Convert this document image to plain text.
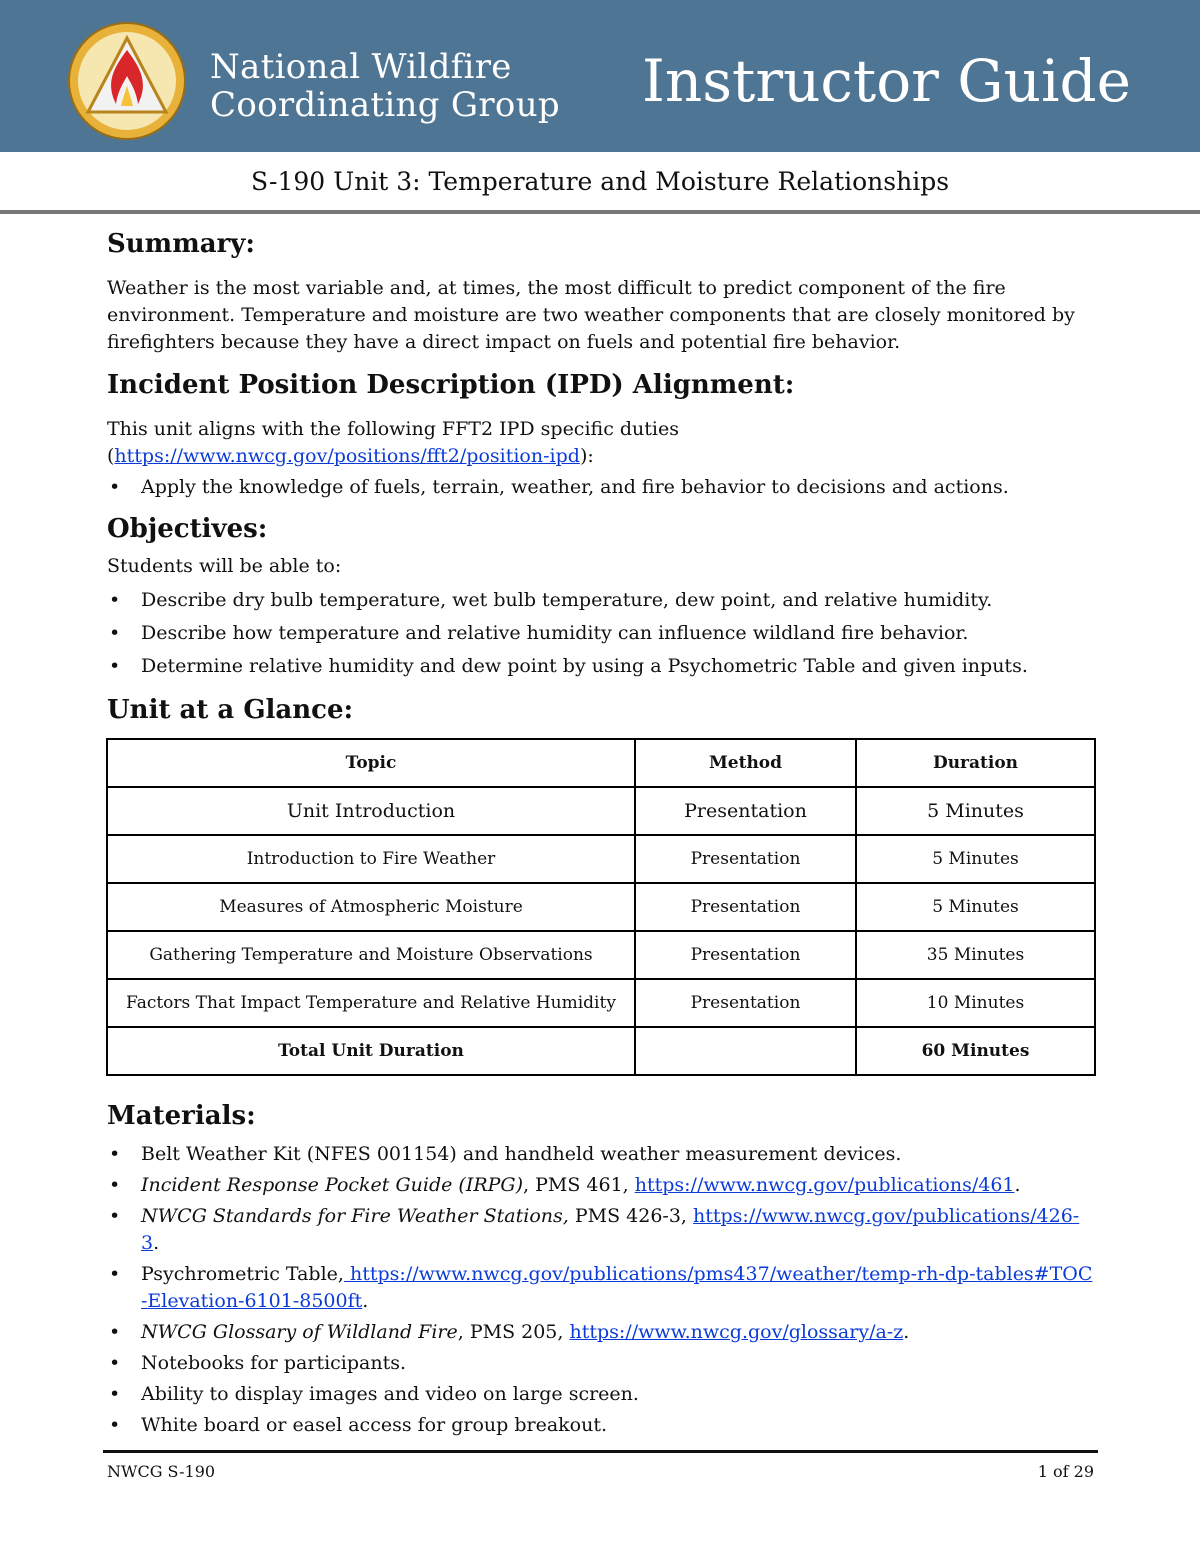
National Wildfire
Coordinating Group Instructor Guide
S-190 Unit 3: Temperature and Moisture Relationships
Summary:

Weather is the most variable and, at times, the most difficult to predict component of the fire environment. Temperature and moisture are two weather components that are closely monitored by firefighters because they have a direct impact on fuels and potential fire behavior.

Incident Position Description (IPD) Alignment:

This unit aligns with the following FFT2 IPD specific duties
(https://www.nwcg.gov/positions/fft2/position-ipd):

• Apply the knowledge of fuels, terrain, weather, and fire behavior to decisions and actions.
Objectives:

Students will be able to:

• Describe dry bulb temperature, wet bulb temperature, dew point, and relative humidity.
• Describe how temperature and relative humidity can influence wildland fire behavior.
• Determine relative humidity and dew point by using a Psychometric Table and given inputs.
Unit at a Glance:
Topic	Method	Duration
Unit Introduction	Presentation	5 Minutes
Introduction to Fire Weather	Presentation	5 Minutes
Measures of Atmospheric Moisture	Presentation	5 Minutes
Gathering Temperature and Moisture Observations	Presentation	35 Minutes
Factors That Impact Temperature and Relative Humidity	Presentation	10 Minutes
Total Unit Duration		60 Minutes
Materials:
• Belt Weather Kit (NFES 001154) and handheld weather measurement devices.
• Incident Response Pocket Guide (IRPG), PMS 461, https://www.nwcg.gov/publications/461.
• NWCG Standards for Fire Weather Stations, PMS 426-3, https://www.nwcg.gov/publications/426-3.
• Psychrometric Table, https://www.nwcg.gov/publications/pms437/weather/temp-rh-dp-tables#TOC-Elevation-6101-8500ft.
• NWCG Glossary of Wildland Fire, PMS 205, https://www.nwcg.gov/glossary/a-z.
• Notebooks for participants.
• Ability to display images and video on large screen.
• White board or easel access for group breakout.
NWCG S-190	1 of 29
